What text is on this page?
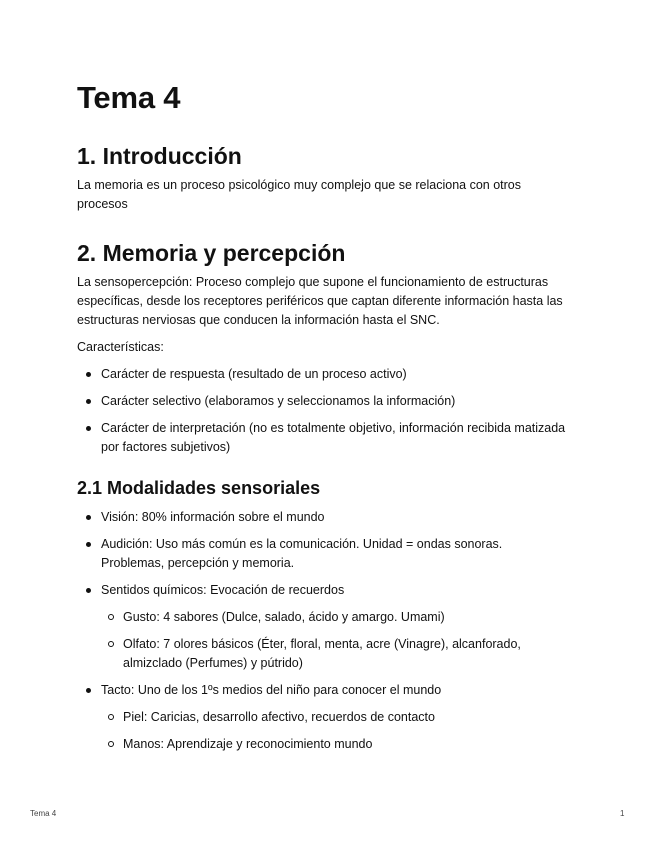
Tema 4
1. Introducción
La memoria es un proceso psicológico muy complejo que se relaciona con otros
procesos
2. Memoria y percepción
La sensopercepción: Proceso complejo que supone el funcionamiento de estructuras
específicas, desde los receptores periféricos que captan diferente información hasta las
estructuras nerviosas que conducen la información hasta el SNC.
Características:
Carácter de respuesta (resultado de un proceso activo)
Carácter selectivo (elaboramos y seleccionamos la información)
Carácter de interpretación (no es totalmente objetivo, información recibida matizada
por factores subjetivos)
2.1 Modalidades sensoriales
Visión: 80% información sobre el mundo
Audición: Uso más común es la comunicación. Unidad = ondas sonoras.
Problemas, percepción y memoria.
Sentidos químicos: Evocación de recuerdos
Gusto: 4 sabores (Dulce, salado, ácido y amargo. Umami)
Olfato: 7 olores básicos (Éter, floral, menta, acre (Vinagre), alcanforado,
almizclado (Perfumes) y pútrido)
Tacto: Uno de los 1ºs medios del niño para conocer el mundo
Piel: Caricias, desarrollo afectivo, recuerdos de contacto
Manos: Aprendizaje y reconocimiento mundo
Tema 4	1
